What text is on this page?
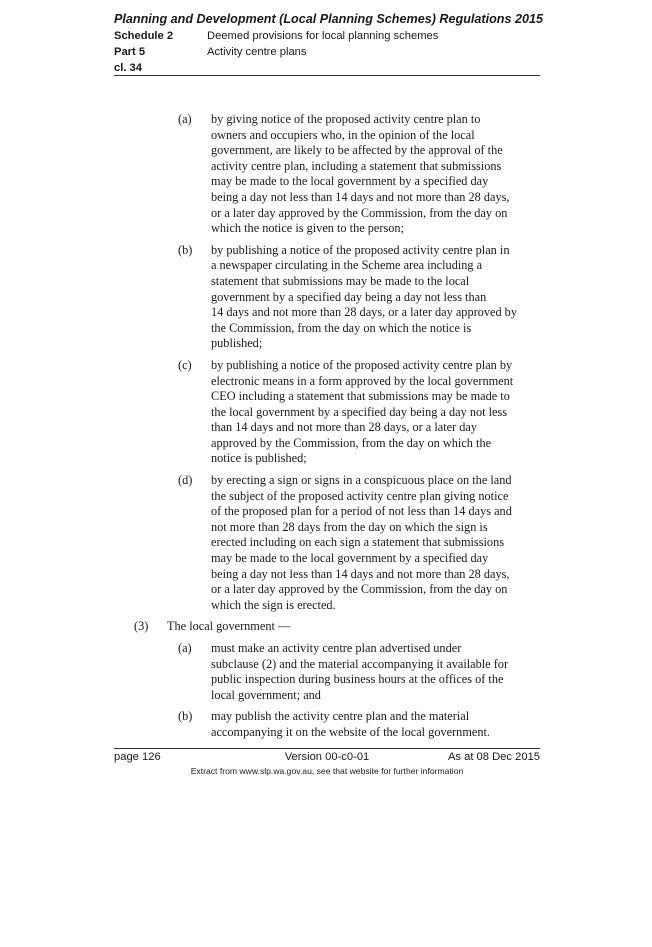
Planning and Development (Local Planning Schemes) Regulations 2015
Schedule 2	Deemed provisions for local planning schemes
Part 5	Activity centre plans
cl. 34
(a) by giving notice of the proposed activity centre plan to
owners and occupiers who, in the opinion of the local
government, are likely to be affected by the approval of the
activity centre plan, including a statement that submissions
may be made to the local government by a specified day
being a day not less than 14 days and not more than 28 days,
or a later day approved by the Commission, from the day on
which the notice is given to the person;
(b) by publishing a notice of the proposed activity centre plan in
a newspaper circulating in the Scheme area including a
statement that submissions may be made to the local
government by a specified day being a day not less than
14 days and not more than 28 days, or a later day approved by
the Commission, from the day on which the notice is
published;
(c) by publishing a notice of the proposed activity centre plan by
electronic means in a form approved by the local government
CEO including a statement that submissions may be made to
the local government by a specified day being a day not less
than 14 days and not more than 28 days, or a later day
approved by the Commission, from the day on which the
notice is published;
(d) by erecting a sign or signs in a conspicuous place on the land
the subject of the proposed activity centre plan giving notice
of the proposed plan for a period of not less than 14 days and
not more than 28 days from the day on which the sign is
erected including on each sign a statement that submissions
may be made to the local government by a specified day
being a day not less than 14 days and not more than 28 days,
or a later day approved by the Commission, from the day on
which the sign is erected.
(3) The local government —
(a) must make an activity centre plan advertised under
subclause (2) and the material accompanying it available for
public inspection during business hours at the offices of the
local government; and
(b) may publish the activity centre plan and the material
accompanying it on the website of the local government.
page 126	Version 00-c0-01	As at 08 Dec 2015
Extract from www.slp.wa.gov.au, see that website for further information
